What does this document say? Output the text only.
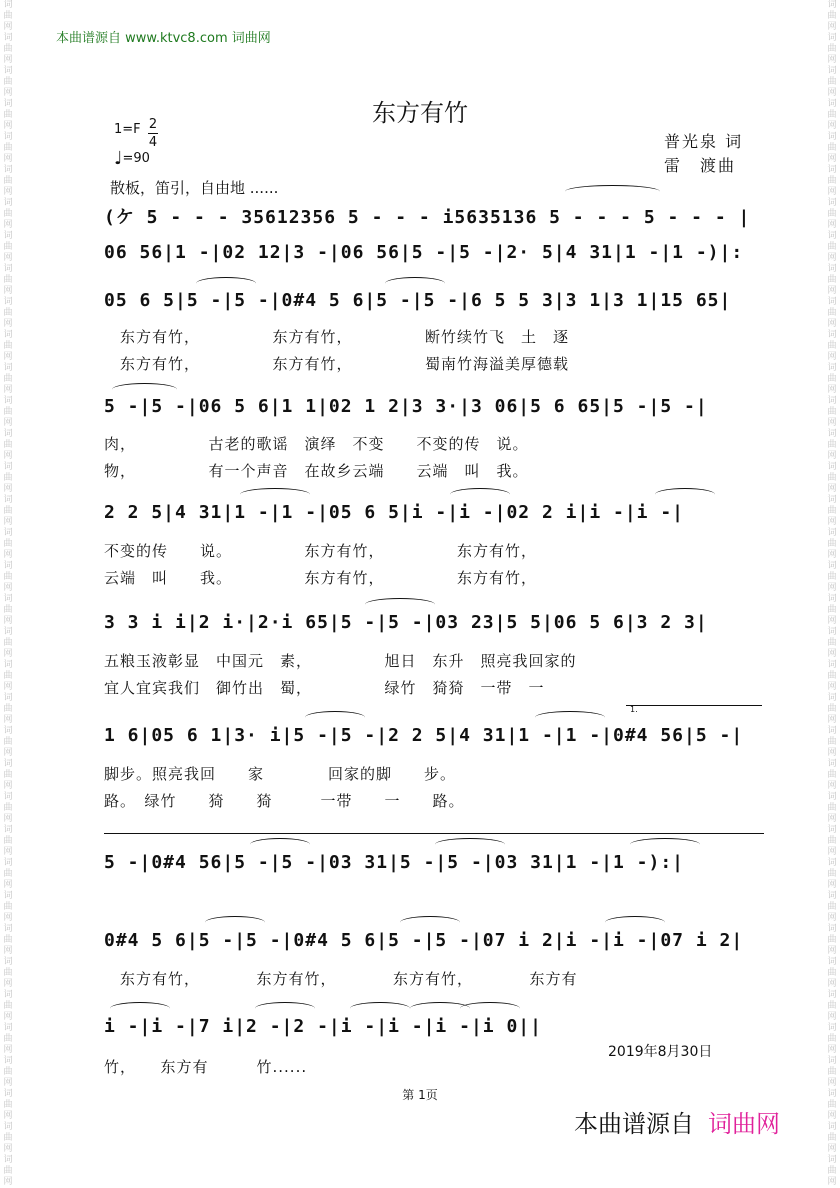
词曲网词曲网词曲网词曲网词曲网词曲网词曲网词曲网词曲网词曲网词曲网词曲网词曲网词曲网词曲网词曲网词曲网词曲网词曲网词曲网词曲网词曲网词曲网词曲网词曲网词曲网词曲网词曲网词曲网词曲网词曲网词曲网词曲网词曲网词曲网词曲网
词曲网词曲网词曲网词曲网词曲网词曲网词曲网词曲网词曲网词曲网词曲网词曲网词曲网词曲网词曲网词曲网词曲网词曲网词曲网词曲网词曲网词曲网词曲网词曲网词曲网词曲网词曲网词曲网词曲网词曲网词曲网词曲网词曲网词曲网词曲网词曲网
本曲谱源自 www.ktvc8.com 词曲网
东方有竹
1=F 2
4
♩=90
普光泉 词
雷　渡曲
散板，笛引，自由地 ......
(ケ 5 - - - 35612356 5 - - - i5635136 5 - - - 5 - - - |
06 56|1 -|02 12|3 -|06 56|5 -|5 -|2· 5|4 31|1 -|1 -)|:
05 6 5|5 -|5 -|0#4 5 6|5 -|5 -|6 5 5 3|3 1|3 1|15 65|
　东方有竹，　　　　　东方有竹，　　　　　断竹续竹飞　土　逐
　东方有竹，　　　　　东方有竹，　　　　　蜀南竹海溢美厚德载
5 -|5 -|06 5 6|1 1|02 1 2|3 3·|3 06|5 6 65|5 -|5 -|
肉，　　　　　古老的歌谣　演绎　不变　　不变的传　说。
物，　　　　　有一个声音　在故乡云端　　云端　叫　我。
2 2 5|4 31|1 -|1 -|05 6 5|i -|i -|02 2 i|i -|i -|
不变的传　　说。　　　　　东方有竹，　　　　　东方有竹，
云端　叫　　我。　　　　　东方有竹，　　　　　东方有竹，
3 3 i i|2 i·|2·i 65|5 -|5 -|03 23|5 5|06 5 6|3 2 3|
五粮玉液彰显　中国元　素，　　　　　旭日　东升　照亮我回家的
宜人宜宾我们　御竹出　蜀，　　　　　绿竹　猗猗　一带　一
1.
1 6|05 6 1|3· i|5 -|5 -|2 2 5|4 31|1 -|1 -|0#4 56|5 -|
脚步。照亮我回　　家　　　　回家的脚　　步。
路。　绿竹　　猗　　猗　　　一带　　一　　路。
5 -|0#4 56|5 -|5 -|03 31|5 -|5 -|03 31|1 -|1 -):|
0#4 5 6|5 -|5 -|0#4 5 6|5 -|5 -|07 i 2|i -|i -|07 i 2|
　东方有竹，　　　　东方有竹，　　　　东方有竹，　　　　东方有
i -|i -|7 i|2 -|2 -|i -|i -|i -|i 0||
竹，　　东方有　　　竹......
2019年8月30日
第 1页
本曲谱源自 词曲网
